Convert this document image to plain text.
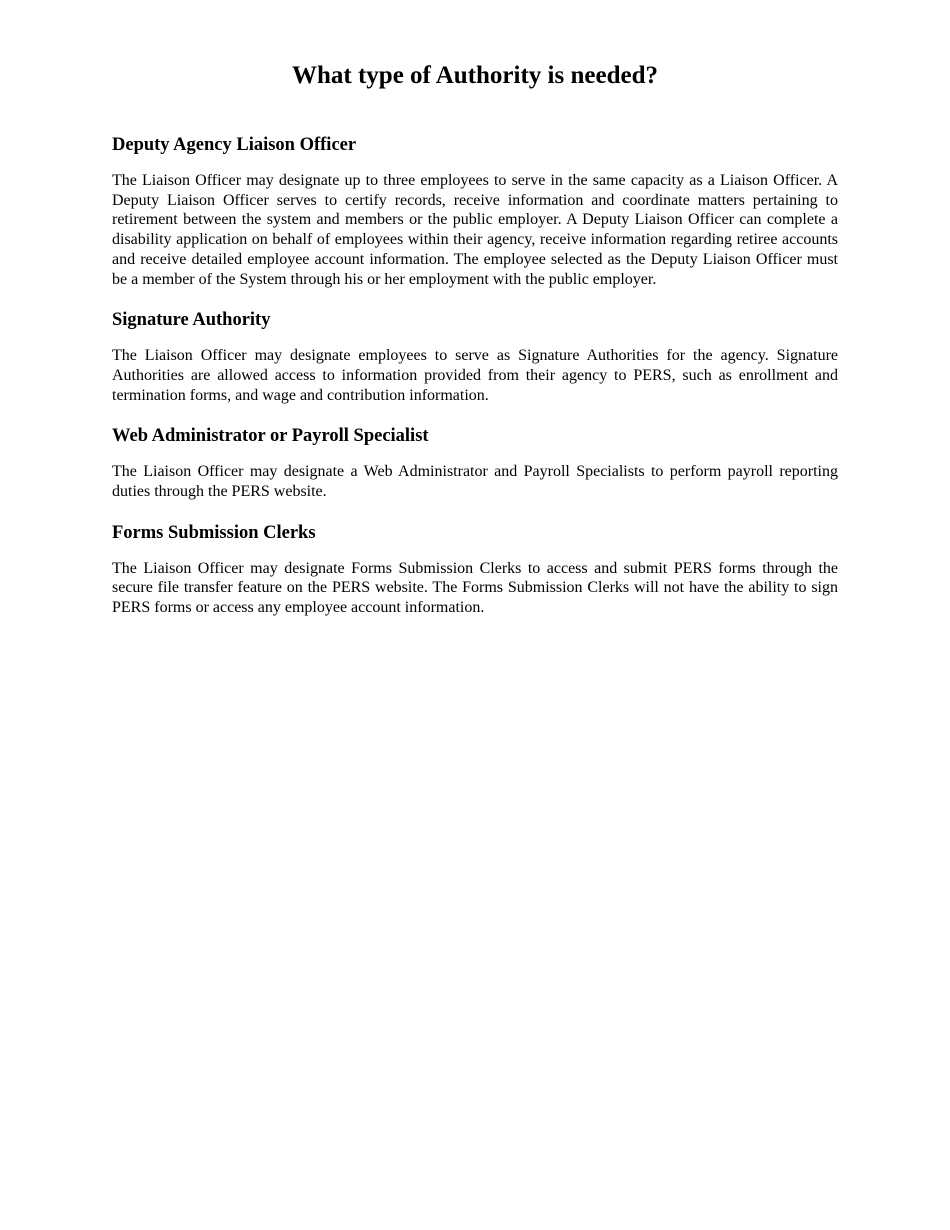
What type of Authority is needed?
Deputy Agency Liaison Officer

The Liaison Officer may designate up to three employees to serve in the same capacity as a Liaison Officer. A Deputy Liaison Officer serves to certify records, receive information and coordinate matters pertaining to retirement between the system and members or the public employer. A Deputy Liaison Officer can complete a disability application on behalf of employees within their agency, receive information regarding retiree accounts and receive detailed employee account information. The employee selected as the Deputy Liaison Officer must be a member of the System through his or her employment with the public employer.

Signature Authority

The Liaison Officer may designate employees to serve as Signature Authorities for the agency. Signature Authorities are allowed access to information provided from their agency to PERS, such as enrollment and termination forms, and wage and contribution information.

Web Administrator or Payroll Specialist

The Liaison Officer may designate a Web Administrator and Payroll Specialists to perform payroll reporting duties through the PERS website.

Forms Submission Clerks

The Liaison Officer may designate Forms Submission Clerks to access and submit PERS forms through the secure file transfer feature on the PERS website. The Forms Submission Clerks will not have the ability to sign PERS forms or access any employee account information.
